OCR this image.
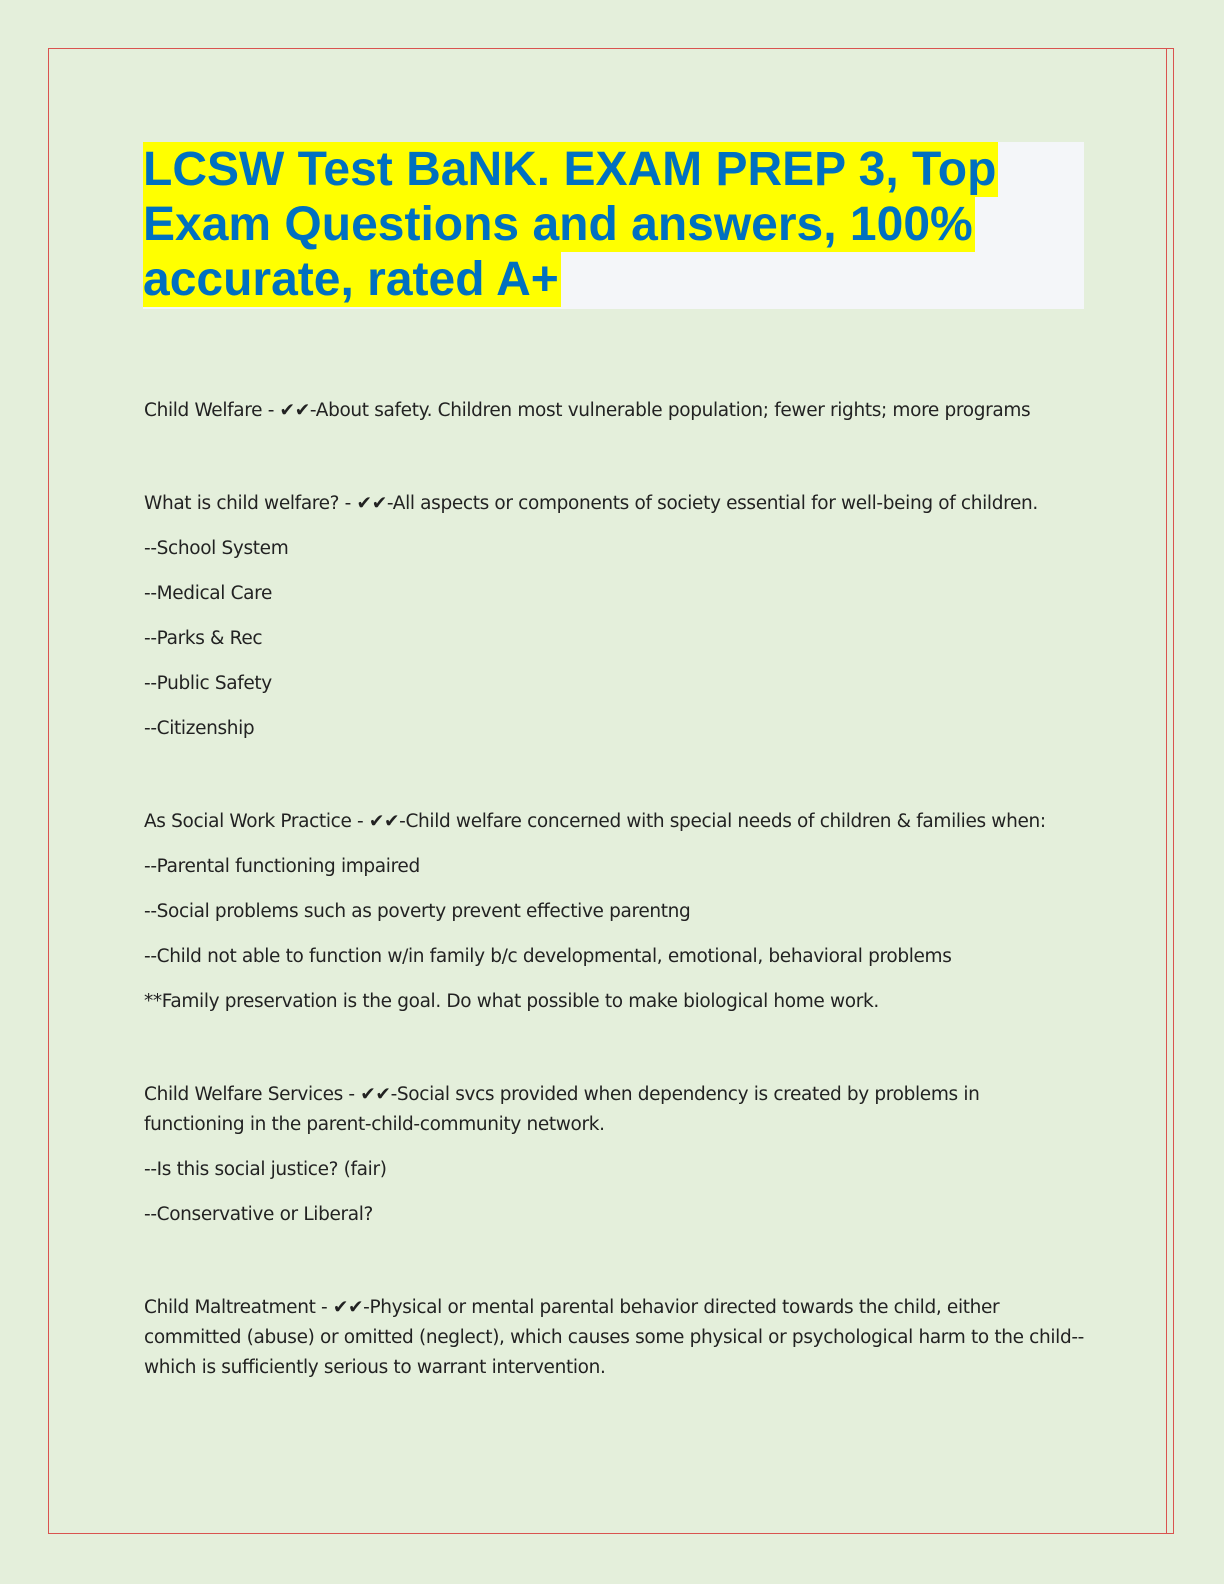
LCSW Test BaNK. EXAM PREP 3, Top
Exam Questions and answers, 100%
accurate, rated A+

Child Welfare - ✔✔-About safety. Children most vulnerable population; fewer rights; more programs

What is child welfare? - ✔✔-All aspects or components of society essential for well-being of children.

--School System

--Medical Care

--Parks & Rec

--Public Safety

--Citizenship

As Social Work Practice - ✔✔-Child welfare concerned with special needs of children & families when:

--Parental functioning impaired

--Social problems such as poverty prevent effective parentng

--Child not able to function w/in family b/c developmental, emotional, behavioral problems

**Family preservation is the goal. Do what possible to make biological home work.

Child Welfare Services - ✔✔-Social svcs provided when dependency is created by problems in functioning in the parent-child-community network.

--Is this social justice? (fair)

--Conservative or Liberal?

Child Maltreatment - ✔✔-Physical or mental parental behavior directed towards the child, either committed (abuse) or omitted (neglect), which causes some physical or psychological harm to the child--which is sufficiently serious to warrant intervention.
